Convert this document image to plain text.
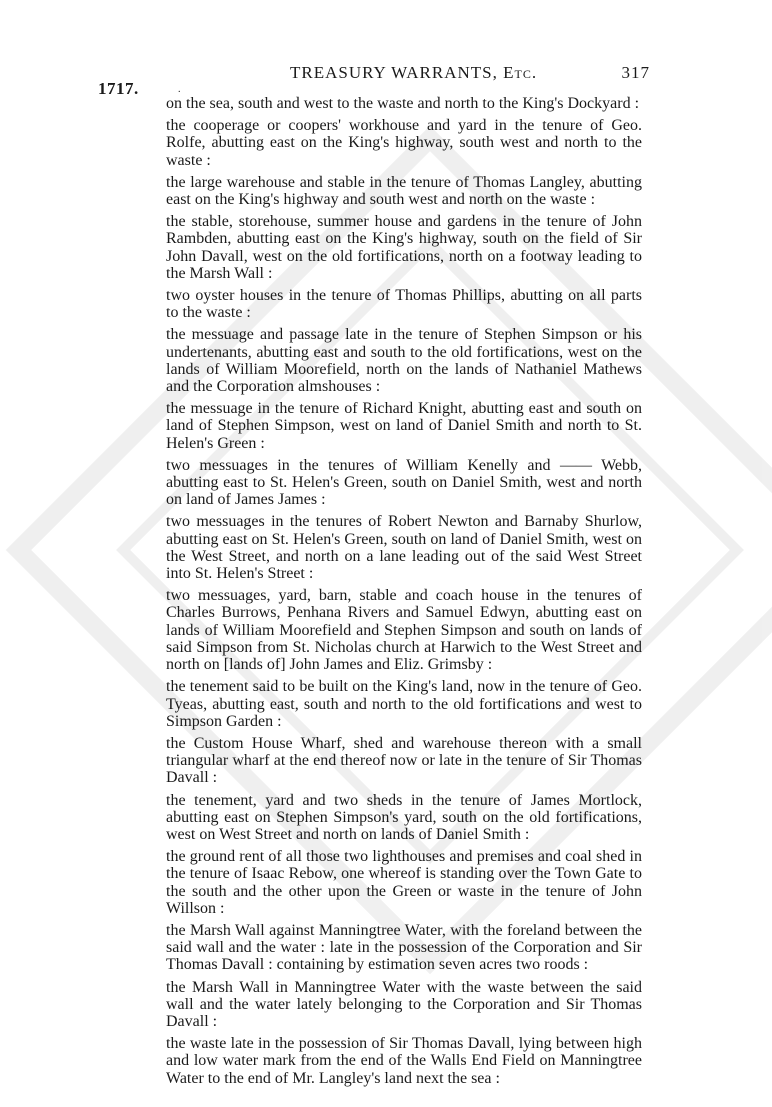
1717.	.
TREASURY WARRANTS, Etc.	317

on the sea, south and west to the waste and north to the King's Dockyard :

the cooperage or coopers' workhouse and yard in the tenure of Geo. Rolfe, abutting east on the King's highway, south west and north to the waste :

the large warehouse and stable in the tenure of Thomas Langley, abutting east on the King's highway and south west and north on the waste :

the stable, storehouse, summer house and gardens in the tenure of John Rambden, abutting east on the King's highway, south on the field of Sir John Davall, west on the old fortifications, north on a footway leading to the Marsh Wall :

two oyster houses in the tenure of Thomas Phillips, abutting on all parts to the waste :

the messuage and passage late in the tenure of Stephen Simpson or his undertenants, abutting east and south to the old fortifications, west on the lands of William Moorefield, north on the lands of Nathaniel Mathews and the Corporation almshouses :

the messuage in the tenure of Richard Knight, abutting east and south on land of Stephen Simpson, west on land of Daniel Smith and north to St. Helen's Green :

two messuages in the tenures of William Kenelly and —— Webb, abutting east to St. Helen's Green, south on Daniel Smith, west and north on land of James James :

two messuages in the tenures of Robert Newton and Barnaby Shurlow, abutting east on St. Helen's Green, south on land of Daniel Smith, west on the West Street, and north on a lane leading out of the said West Street into St. Helen's Street :

two messuages, yard, barn, stable and coach house in the tenures of Charles Burrows, Penhana Rivers and Samuel Edwyn, abutting east on lands of William Moorefield and Stephen Simpson and south on lands of said Simpson from St. Nicholas church at Harwich to the West Street and north on [lands of] John James and Eliz. Grimsby :

the tenement said to be built on the King's land, now in the tenure of Geo. Tyeas, abutting east, south and north to the old fortifications and west to Simpson Garden :

the Custom House Wharf, shed and warehouse thereon with a small triangular wharf at the end thereof now or late in the tenure of Sir Thomas Davall :

the tenement, yard and two sheds in the tenure of James Mortlock, abutting east on Stephen Simpson's yard, south on the old fortifications, west on West Street and north on lands of Daniel Smith :

the ground rent of all those two lighthouses and premises and coal shed in the tenure of Isaac Rebow, one whereof is standing over the Town Gate to the south and the other upon the Green or waste in the tenure of John Willson :

the Marsh Wall against Manningtree Water, with the foreland between the said wall and the water : late in the possession of the Corporation and Sir Thomas Davall : containing by estimation seven acres two roods :

the Marsh Wall in Manningtree Water with the waste between the said wall and the water lately belonging to the Corporation and Sir Thomas Davall :

the waste late in the possession of Sir Thomas Davall, lying between high and low water mark from the end of the Walls End Field on Manningtree Water to the end of Mr. Langley's land next the sea :
